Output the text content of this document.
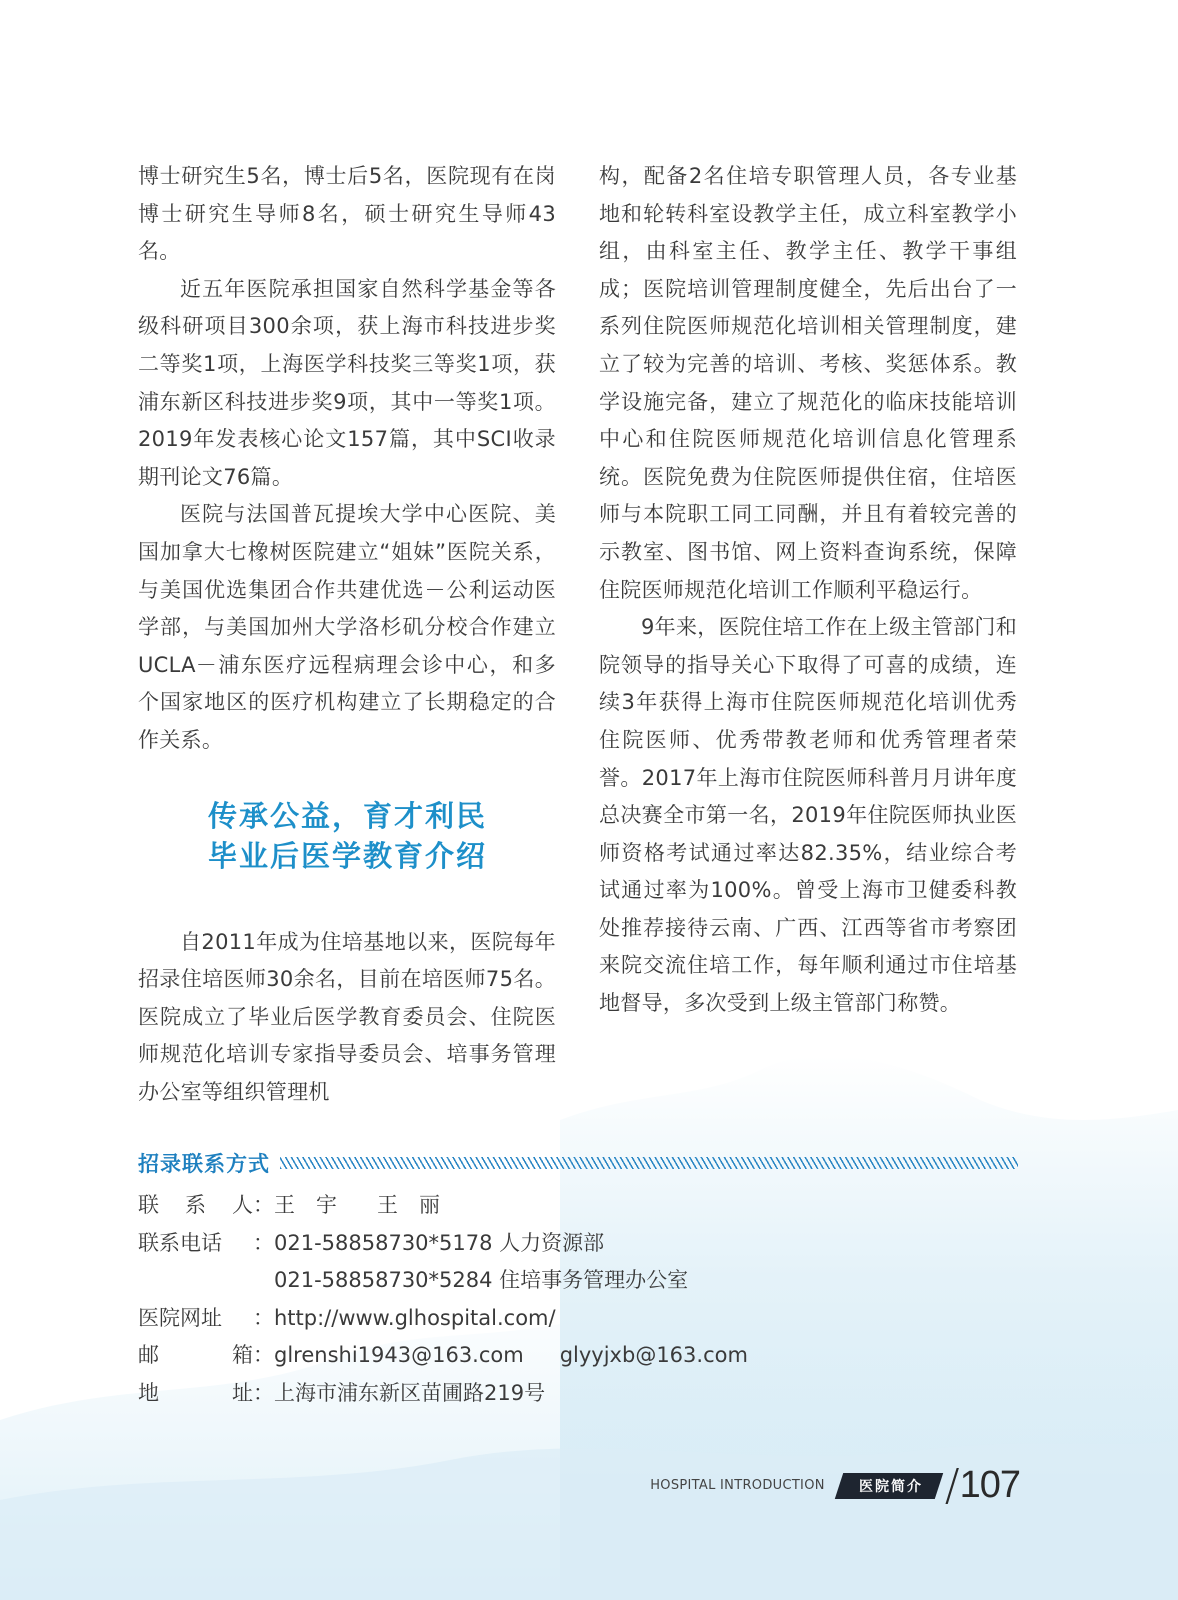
博士研究生5名，博士后5名，医院现有在岗博士研究生导师8名，硕士研究生导师43名。

近五年医院承担国家自然科学基金等各级科研项目300余项，获上海市科技进步奖二等奖1项，上海医学科技奖三等奖1项，获浦东新区科技进步奖9项，其中一等奖1项。2019年发表核心论文157篇，其中SCI收录期刊论文76篇。

医院与法国普瓦提埃大学中心医院、美国加拿大七橡树医院建立“姐妹”医院关系，与美国优选集团合作共建优选－公利运动医学部，与美国加州大学洛杉矶分校合作建立UCLA－浦东医疗远程病理会诊中心，和多个国家地区的医疗机构建立了长期稳定的合作关系。

传承公益，育才利民
毕业后医学教育介绍

自2011年成为住培基地以来，医院每年招录住培医师30余名，目前在培医师75名。医院成立了毕业后医学教育委员会、住院医师规范化培训专家指导委员会、培事务管理办公室等组织管理机

构，配备2名住培专职管理人员，各专业基地和轮转科室设教学主任，成立科室教学小组，由科室主任、教学主任、教学干事组成；医院培训管理制度健全，先后出台了一系列住院医师规范化培训相关管理制度，建立了较为完善的培训、考核、奖惩体系。教学设施完备，建立了规范化的临床技能培训中心和住院医师规范化培训信息化管理系统。医院免费为住院医师提供住宿，住培医师与本院职工同工同酬，并且有着较完善的示教室、图书馆、网上资料查询系统，保障住院医师规范化培训工作顺利平稳运行。

9年来，医院住培工作在上级主管部门和院领导的指导关心下取得了可喜的成绩，连续3年获得上海市住院医师规范化培训优秀住院医师、优秀带教老师和优秀管理者荣誉。2017年上海市住院医师科普月月讲年度总决赛全市第一名，2019年住院医师执业医师资格考试通过率达82.35%，结业综合考试通过率为100%。曾受上海市卫健委科教处推荐接待云南、广西、江西等省市考察团来院交流住培工作，每年顺利通过市住培基地督导，多次受到上级主管部门称赞。

招录联系方式
联 系 人 ：王　宇 王　丽
联系电话	：021-58858730*5178 人力资源部
　021-58858730*5284 住培事务管理办公室
医院网址	：http://www.glhospital.com/
邮	箱 ：glrenshi1943@163.com glyyjxb@163.com
地	址 ：上海市浦东新区苗圃路219号
HOSPITAL INTRODUCTION	医院简介 / 107
